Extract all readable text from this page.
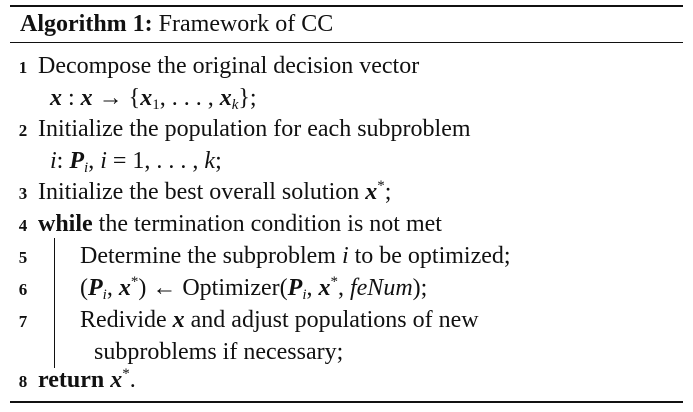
Algorithm 1: Framework of CC
1 Decompose the original decision vector
x : $x \to \{x_1$, . . . , $x_k$};
2 Initialize the population for each subproblem
i: $P_i$, i = 1, . . . , k;
3 Initialize the best overall solution x*;
4 while the termination condition is not met
5 Determine the subproblem i to be optimized;
6 ($P_i$, x*) ← $Optimizer(P_i$, x*, feNum);
7 Redivide x and adjust populations of new
subproblems if necessary;
8 return x*.
